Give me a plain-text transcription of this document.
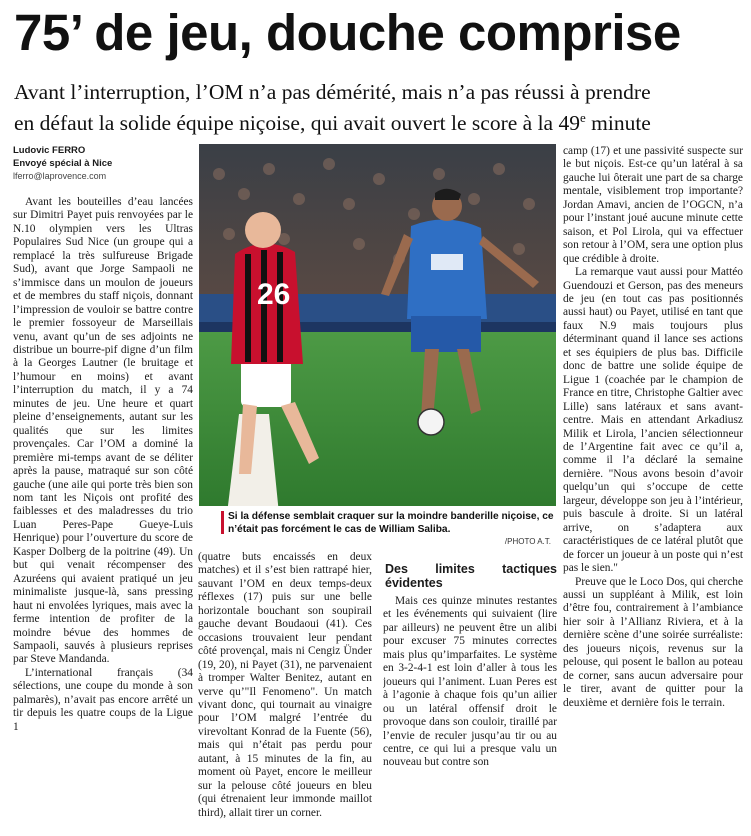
75’ de jeu, douche comprise

Avant l’interruption, l’OM n’a pas démérité, mais n’a pas réussi à prendre
en défaut la solide équipe niçoise, qui avait ouvert le score à la 49e minute

Ludovic FERRO
Envoyé spécial à Nice
lferro@laprovence.com

Avant les bouteilles d’eau lancées sur Dimitri Payet puis renvoyées par le N.10 olympien vers les Ultras Populaires Sud Nice (un groupe qui a remplacé la très sulfureuse Brigade Sud), avant que Jorge Sampaoli ne s’immisce dans un moulon de joueurs et de membres du staff niçois, donnant l’impression de vouloir se battre contre le premier fossoyeur de Marseillais venu, avant qu’un de ses adjoints ne distribue un bourre-pif digne d’un film à la Georges Lautner (le bruitage et l’humour en moins) et avant l’interruption du match, il y a 74 minutes de jeu. Une heure et quart pleine d’enseignements, autant sur les qualités que sur les limites provençales. Car l’OM a dominé la première mi-temps avant de se déliter après la pause, matraqué sur son côté gauche (une aile qui porte très bien son nom tant les Niçois ont profité des faiblesses et des maladresses du trio Luan Peres-Pape Gueye-Luis Henrique) pour l’ouverture du score de Kasper Dolberg de la poitrine (49). Un but qui venait récompenser des Azuréens qui avaient pratiqué un jeu minimaliste jusque-là, sans pressing haut ni envolées lyriques, mais avec la ferme intention de profiter de la moindre bévue des hommes de Sampaoli, sauvés à plusieurs reprises par Steve Mandanda.

L’international français (34 sélections, une coupe du monde à son palmarès), n’avait pas encore arrêté un tir depuis les quatre coups de la Ligue 1

26
Si la défense semblait craquer sur la moindre banderille niçoise, ce n’était pas forcément le cas de William Saliba.
/PHOTO A.T.

(quatre buts encaissés en deux matches) et il s’est bien rattrapé hier, sauvant l’OM en deux temps-deux réflexes (17) puis sur une belle horizontale bouchant son soupirail gauche devant Boudaoui (41). Ces occasions trouvaient leur pendant côté provençal, mais ni Cengiz Ünder (19, 20), ni Payet (31), ne parvenaient à tromper Walter Benitez, autant en verve qu’"Il Fenomeno". Un match vivant donc, qui tournait au vinaigre pour l’OM malgré l’entrée du virevoltant Konrad de la Fuente (56), mais qui n’était pas perdu pour autant, à 15 minutes de la fin, au moment où Payet, encore le meilleur sur la pelouse côté joueurs en bleu (qui étrenaient leur immonde maillot third), allait tirer un corner.

Des limites tactiques évidentes

Mais ces quinze minutes restantes et les événements qui suivaient (lire par ailleurs) ne peuvent être un alibi pour excuser 75 minutes correctes mais plus qu’imparfaites. Le système en 3-2-4-1 est loin d’aller à tous les joueurs qui l’animent. Luan Peres est à l’agonie à chaque fois qu’un ailier ou un latéral offensif droit le provoque dans son couloir, tiraillé par l’envie de reculer jusqu’au tir ou au centre, ce qui lui a presque valu un nouveau but contre son

camp (17) et une passivité suspecte sur le but niçois. Est-ce qu’un latéral à sa gauche lui ôterait une part de sa charge mentale, visiblement trop importante? Jordan Amavi, ancien de l’OGCN, n’a pour l’instant joué aucune minute cette saison, et Pol Lirola, qui va effectuer son retour à l’OM, sera une option plus que crédible à droite.

La remarque vaut aussi pour Mattéo Guendouzi et Gerson, pas des meneurs de jeu (en tout cas pas positionnés aussi haut) ou Payet, utilisé en tant que faux N.9 mais toujours plus déterminant quand il lance ses actions et ses équipiers de plus bas. Difficile donc de battre une solide équipe de Ligue 1 (coachée par le champion de France en titre, Christophe Galtier avec Lille) sans latéraux et sans avant-centre. Mais en attendant Arkadiusz Milik et Lirola, l’ancien sélectionneur de l’Argentine fait avec ce qu’il a, comme il l’a déclaré la semaine dernière. "Nous avons besoin d’avoir quelqu’un qui s’occupe de cette largeur, développe son jeu à l’intérieur, puis bascule à droite. Si un latéral arrive, on s’adaptera aux caractéristiques de ce latéral plutôt que de forcer un joueur à un poste qui n’est pas le sien."

Preuve que le Loco Dos, qui cherche aussi un suppléant à Milik, est loin d’être fou, contrairement à l’ambiance hier soir à l’Allianz Riviera, et à la dernière scène d’une soirée surréaliste: des joueurs niçois, revenus sur la pelouse, qui posent le ballon au poteau de corner, sans aucun adversaire pour le tirer, avant de quitter pour la deuxième et dernière fois le terrain.
